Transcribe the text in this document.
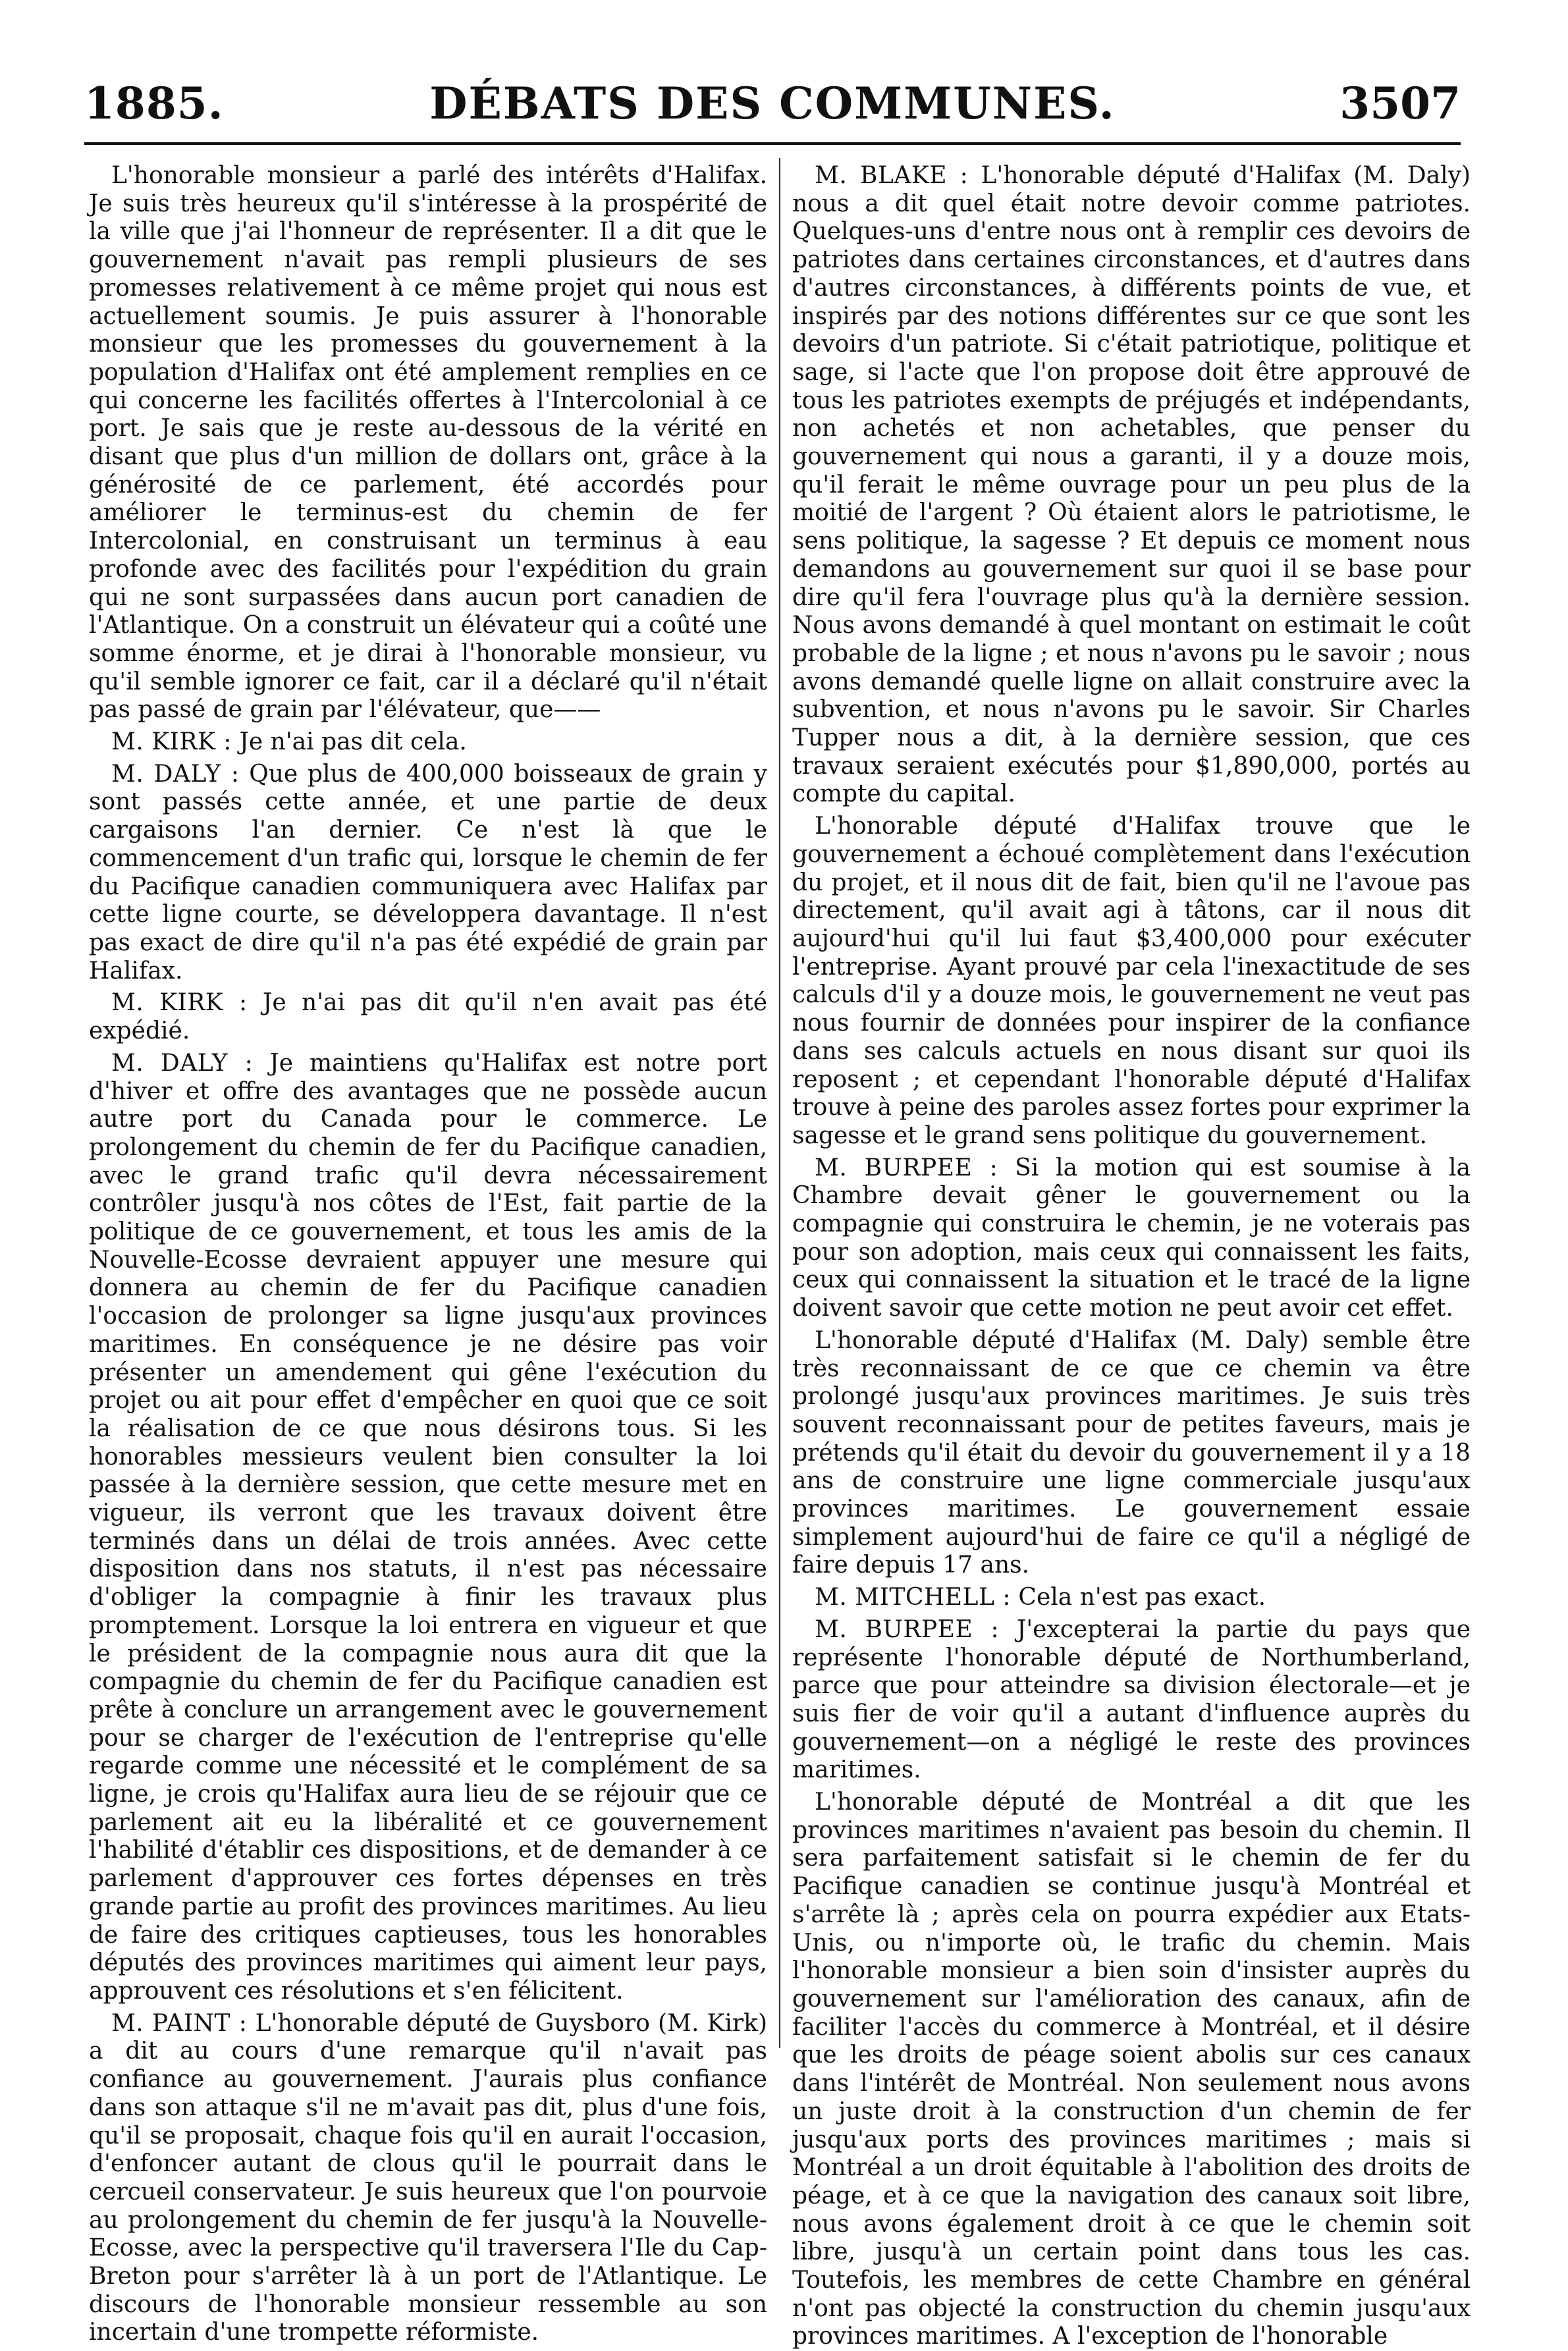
1885.	DÉBATS DES COMMUNES.	3507

L'honorable monsieur a parlé des intérêts d'Halifax. Je suis très heureux qu'il s'intéresse à la prospérité de la ville que j'ai l'honneur de représenter. Il a dit que le gouvernement n'avait pas rempli plusieurs de ses promesses relativement à ce même projet qui nous est actuellement soumis. Je puis assurer à l'honorable monsieur que les promesses du gouvernement à la population d'Halifax ont été amplement remplies en ce qui concerne les facilités offertes à l'Intercolonial à ce port. Je sais que je reste au-dessous de la vérité en disant que plus d'un million de dollars ont, grâce à la générosité de ce parlement, été accordés pour améliorer le terminus-est du chemin de fer Intercolonial, en construisant un terminus à eau profonde avec des facilités pour l'expédition du grain qui ne sont surpassées dans aucun port canadien de l'Atlantique. On a construit un élévateur qui a coûté une somme énorme, et je dirai à l'honorable monsieur, vu qu'il semble ignorer ce fait, car il a déclaré qu'il n'était pas passé de grain par l'élévateur, que——

M. KIRK : Je n'ai pas dit cela.

M. DALY : Que plus de 400,000 boisseaux de grain y sont passés cette année, et une partie de deux cargaisons l'an dernier. Ce n'est là que le commencement d'un trafic qui, lorsque le chemin de fer du Pacifique canadien communiquera avec Halifax par cette ligne courte, se développera davantage. Il n'est pas exact de dire qu'il n'a pas été expédié de grain par Halifax.

M. KIRK : Je n'ai pas dit qu'il n'en avait pas été expédié.

M. DALY : Je maintiens qu'Halifax est notre port d'hiver et offre des avantages que ne possède aucun autre port du Canada pour le commerce. Le prolongement du chemin de fer du Pacifique canadien, avec le grand trafic qu'il devra nécessairement contrôler jusqu'à nos côtes de l'Est, fait partie de la politique de ce gouvernement, et tous les amis de la Nouvelle-Ecosse devraient appuyer une mesure qui donnera au chemin de fer du Pacifique canadien l'occasion de prolonger sa ligne jusqu'aux provinces maritimes. En conséquence je ne désire pas voir présenter un amendement qui gêne l'exécution du projet ou ait pour effet d'empêcher en quoi que ce soit la réalisation de ce que nous désirons tous. Si les honorables messieurs veulent bien consulter la loi passée à la dernière session, que cette mesure met en vigueur, ils verront que les travaux doivent être terminés dans un délai de trois années. Avec cette disposition dans nos statuts, il n'est pas nécessaire d'obliger la compagnie à finir les travaux plus promptement. Lorsque la loi entrera en vigueur et que le président de la compagnie nous aura dit que la compagnie du chemin de fer du Pacifique canadien est prête à conclure un arrangement avec le gouvernement pour se charger de l'exécution de l'entreprise qu'elle regarde comme une nécessité et le complément de sa ligne, je crois qu'Halifax aura lieu de se réjouir que ce parlement ait eu la libéralité et ce gouvernement l'habilité d'établir ces dispositions, et de demander à ce parlement d'approuver ces fortes dépenses en très grande partie au profit des provinces maritimes. Au lieu de faire des critiques captieuses, tous les honorables députés des provinces maritimes qui aiment leur pays, approuvent ces résolutions et s'en félicitent.

M. PAINT : L'honorable député de Guysboro (M. Kirk) a dit au cours d'une remarque qu'il n'avait pas confiance au gouvernement. J'aurais plus confiance dans son attaque s'il ne m'avait pas dit, plus d'une fois, qu'il se proposait, chaque fois qu'il en aurait l'occasion, d'enfoncer autant de clous qu'il le pourrait dans le cercueil conservateur. Je suis heureux que l'on pourvoie au prolongement du chemin de fer jusqu'à la Nouvelle-Ecosse, avec la perspective qu'il traversera l'Ile du Cap-Breton pour s'arrêter là à un port de l'Atlantique. Le discours de l'honorable monsieur ressemble au son incertain d'une trompette réformiste.

M. BLAKE : L'honorable député d'Halifax (M. Daly) nous a dit quel était notre devoir comme patriotes. Quelques-uns d'entre nous ont à remplir ces devoirs de patriotes dans certaines circonstances, et d'autres dans d'autres circonstances, à différents points de vue, et inspirés par des notions différentes sur ce que sont les devoirs d'un patriote. Si c'était patriotique, politique et sage, si l'acte que l'on propose doit être approuvé de tous les patriotes exempts de préjugés et indépendants, non achetés et non achetables, que penser du gouvernement qui nous a garanti, il y a douze mois, qu'il ferait le même ouvrage pour un peu plus de la moitié de l'argent ? Où étaient alors le patriotisme, le sens politique, la sagesse ? Et depuis ce moment nous demandons au gouvernement sur quoi il se base pour dire qu'il fera l'ouvrage plus qu'à la dernière session. Nous avons demandé à quel montant on estimait le coût probable de la ligne ; et nous n'avons pu le savoir ; nous avons demandé quelle ligne on allait construire avec la subvention, et nous n'avons pu le savoir. Sir Charles Tupper nous a dit, à la dernière session, que ces travaux seraient exécutés pour $1,890,000, portés au compte du capital.

L'honorable député d'Halifax trouve que le gouvernement a échoué complètement dans l'exécution du projet, et il nous dit de fait, bien qu'il ne l'avoue pas directement, qu'il avait agi à tâtons, car il nous dit aujourd'hui qu'il lui faut $3,400,000 pour exécuter l'entreprise. Ayant prouvé par cela l'inexactitude de ses calculs d'il y a douze mois, le gouvernement ne veut pas nous fournir de données pour inspirer de la confiance dans ses calculs actuels en nous disant sur quoi ils reposent ; et cependant l'honorable député d'Halifax trouve à peine des paroles assez fortes pour exprimer la sagesse et le grand sens politique du gouvernement.

M. BURPEE : Si la motion qui est soumise à la Chambre devait gêner le gouvernement ou la compagnie qui construira le chemin, je ne voterais pas pour son adoption, mais ceux qui connaissent les faits, ceux qui connaissent la situation et le tracé de la ligne doivent savoir que cette motion ne peut avoir cet effet.

L'honorable député d'Halifax (M. Daly) semble être très reconnaissant de ce que ce chemin va être prolongé jusqu'aux provinces maritimes. Je suis très souvent reconnaissant pour de petites faveurs, mais je prétends qu'il était du devoir du gouvernement il y a 18 ans de construire une ligne commerciale jusqu'aux provinces maritimes. Le gouvernement essaie simplement aujourd'hui de faire ce qu'il a négligé de faire depuis 17 ans.

M. MITCHELL : Cela n'est pas exact.

M. BURPEE : J'excepterai la partie du pays que représente l'honorable député de Northumberland, parce que pour atteindre sa division électorale—et je suis fier de voir qu'il a autant d'influence auprès du gouvernement—on a négligé le reste des provinces maritimes.

L'honorable député de Montréal a dit que les provinces maritimes n'avaient pas besoin du chemin. Il sera parfaitement satisfait si le chemin de fer du Pacifique canadien se continue jusqu'à Montréal et s'arrête là ; après cela on pourra expédier aux Etats-Unis, ou n'importe où, le trafic du chemin. Mais l'honorable monsieur a bien soin d'insister auprès du gouvernement sur l'amélioration des canaux, afin de faciliter l'accès du commerce à Montréal, et il désire que les droits de péage soient abolis sur ces canaux dans l'intérêt de Montréal. Non seulement nous avons un juste droit à la construction d'un chemin de fer jusqu'aux ports des provinces maritimes ; mais si Montréal a un droit équitable à l'abolition des droits de péage, et à ce que la navigation des canaux soit libre, nous avons également droit à ce que le chemin soit libre, jusqu'à un certain point dans tous les cas. Toutefois, les membres de cette Chambre en général n'ont pas objecté la construction du chemin jusqu'aux provinces maritimes. A l'exception de l'honorable
